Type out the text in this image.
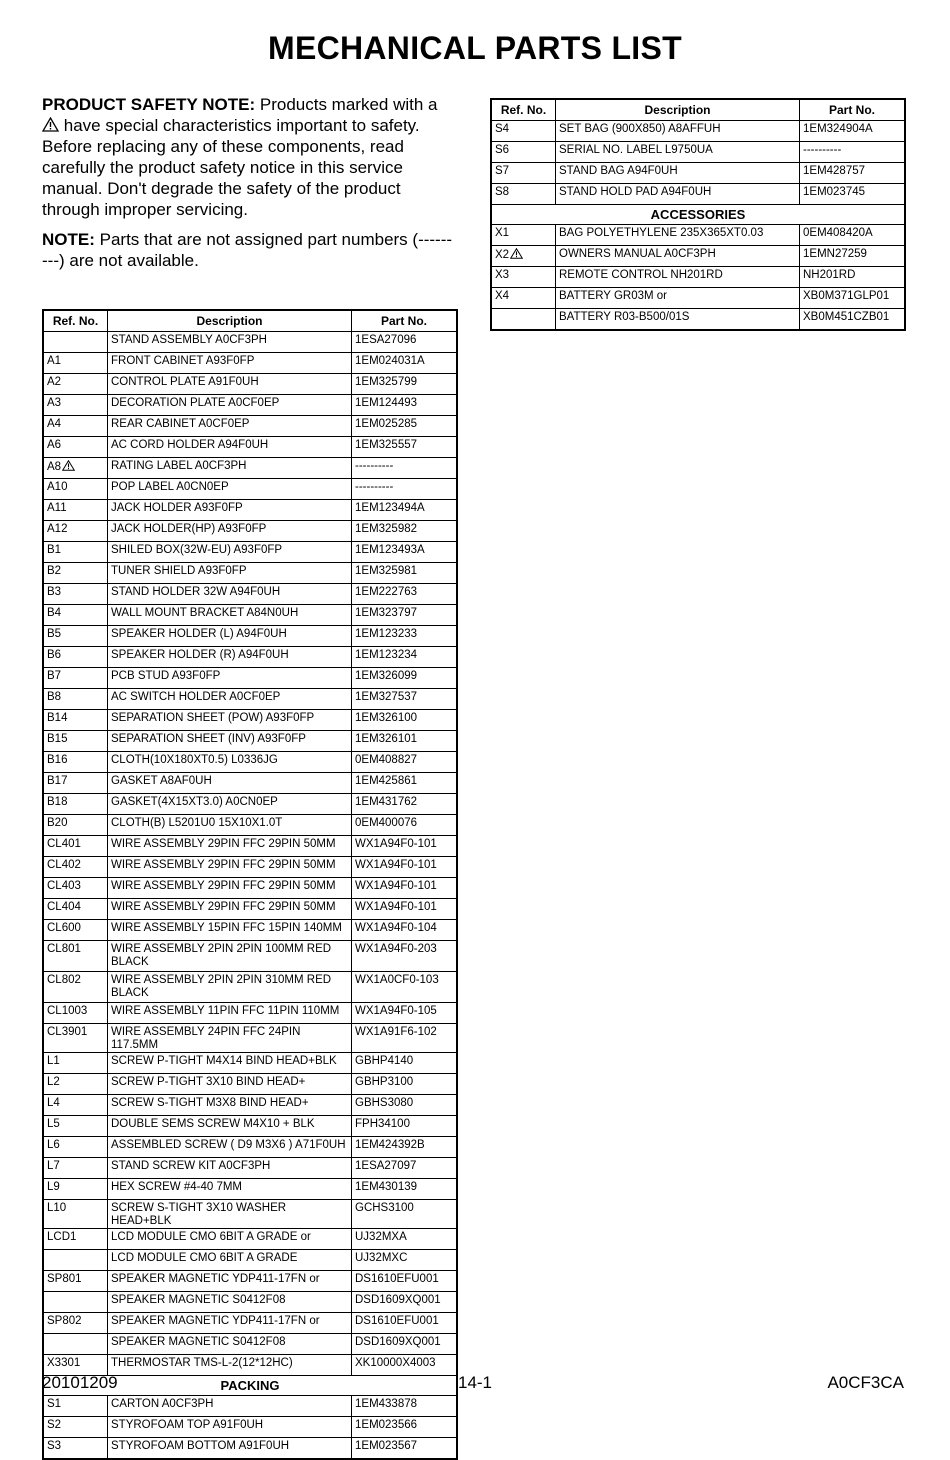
MECHANICAL PARTS LIST
PRODUCT SAFETY NOTE: Products marked with a
have special characteristics important to safety. Before replacing any of these components, read carefully the product safety notice in this service manual. Don't degrade the safety of the product through improper servicing.
NOTE: Parts that are not assigned part numbers (---------) are not available.
Ref. No.	Description	Part No.
	STAND ASSEMBLY A0CF3PH	1ESA27096
A1	FRONT CABINET A93F0FP	1EM024031A
A2	CONTROL PLATE A91F0UH	1EM325799
A3	DECORATION PLATE A0CF0EP	1EM124493
A4	REAR CABINET A0CF0EP	1EM025285
A6	AC CORD HOLDER A94F0UH	1EM325557
A8	RATING LABEL A0CF3PH	----------
A10	POP LABEL A0CN0EP	----------
A11	JACK HOLDER A93F0FP	1EM123494A
A12	JACK HOLDER(HP) A93F0FP	1EM325982
B1	SHILED BOX(32W-EU) A93F0FP	1EM123493A
B2	TUNER SHIELD A93F0FP	1EM325981
B3	STAND HOLDER 32W A94F0UH	1EM222763
B4	WALL MOUNT BRACKET A84N0UH	1EM323797
B5	SPEAKER HOLDER (L) A94F0UH	1EM123233
B6	SPEAKER HOLDER (R) A94F0UH	1EM123234
B7	PCB STUD A93F0FP	1EM326099
B8	AC SWITCH HOLDER A0CF0EP	1EM327537
B14	SEPARATION SHEET (POW) A93F0FP	1EM326100
B15	SEPARATION SHEET (INV) A93F0FP	1EM326101
B16	CLOTH(10X180XT0.5) L0336JG	0EM408827
B17	GASKET A8AF0UH	1EM425861
B18	GASKET(4X15XT3.0) A0CN0EP	1EM431762
B20	CLOTH(B) L5201U0 15X10X1.0T	0EM400076
CL401	WIRE ASSEMBLY 29PIN FFC 29PIN 50MM	WX1A94F0-101
CL402	WIRE ASSEMBLY 29PIN FFC 29PIN 50MM	WX1A94F0-101
CL403	WIRE ASSEMBLY 29PIN FFC 29PIN 50MM	WX1A94F0-101
CL404	WIRE ASSEMBLY 29PIN FFC 29PIN 50MM	WX1A94F0-101
CL600	WIRE ASSEMBLY 15PIN FFC 15PIN 140MM	WX1A94F0-104
CL801	WIRE ASSEMBLY 2PIN 2PIN 100MM RED BLACK	WX1A94F0-203
CL802	WIRE ASSEMBLY 2PIN 2PIN 310MM RED BLACK	WX1A0CF0-103
CL1003	WIRE ASSEMBLY 11PIN FFC 11PIN 110MM	WX1A94F0-105
CL3901	WIRE ASSEMBLY 24PIN FFC 24PIN 117.5MM	WX1A91F6-102
L1	SCREW P-TIGHT M4X14 BIND HEAD+BLK	GBHP4140
L2	SCREW P-TIGHT 3X10 BIND HEAD+	GBHP3100
L4	SCREW S-TIGHT M3X8 BIND HEAD+	GBHS3080
L5	DOUBLE SEMS SCREW M4X10 + BLK	FPH34100
L6	ASSEMBLED SCREW ( D9 M3X6 ) A71F0UH	1EM424392B
L7	STAND SCREW KIT A0CF3PH	1ESA27097
L9	HEX SCREW #4-40 7MM	1EM430139
L10	SCREW S-TIGHT 3X10 WASHER HEAD+BLK	GCHS3100
LCD1	LCD MODULE CMO 6BIT A GRADE or	UJ32MXA
	LCD MODULE CMO 6BIT A GRADE	UJ32MXC
SP801	SPEAKER MAGNETIC YDP411-17FN or	DS1610EFU001
	SPEAKER MAGNETIC S0412F08	DSD1609XQ001
SP802	SPEAKER MAGNETIC YDP411-17FN or	DS1610EFU001
	SPEAKER MAGNETIC S0412F08	DSD1609XQ001
X3301	THERMOSTAR TMS-L-2(12*12HC)	XK10000X4003
PACKING		
S1	CARTON A0CF3PH	1EM433878
S2	STYROFOAM TOP A91F0UH	1EM023566
S3	STYROFOAM BOTTOM A91F0UH	1EM023567
Ref. No.	Description	Part No.
S4	SET BAG (900X850) A8AFFUH	1EM324904A
S6	SERIAL NO. LABEL L9750UA	----------
S7	STAND BAG A94F0UH	1EM428757
S8	STAND HOLD PAD A94F0UH	1EM023745
ACCESSORIES		
X1	BAG POLYETHYLENE 235X365XT0.03	0EM408420A
X2	OWNERS MANUAL A0CF3PH	1EMN27259
X3	REMOTE CONTROL NH201RD	NH201RD
X4	BATTERY GR03M or	XB0M371GLP01
	BATTERY R03-B500/01S	XB0M451CZB01
20101209	14-1	A0CF3CA
